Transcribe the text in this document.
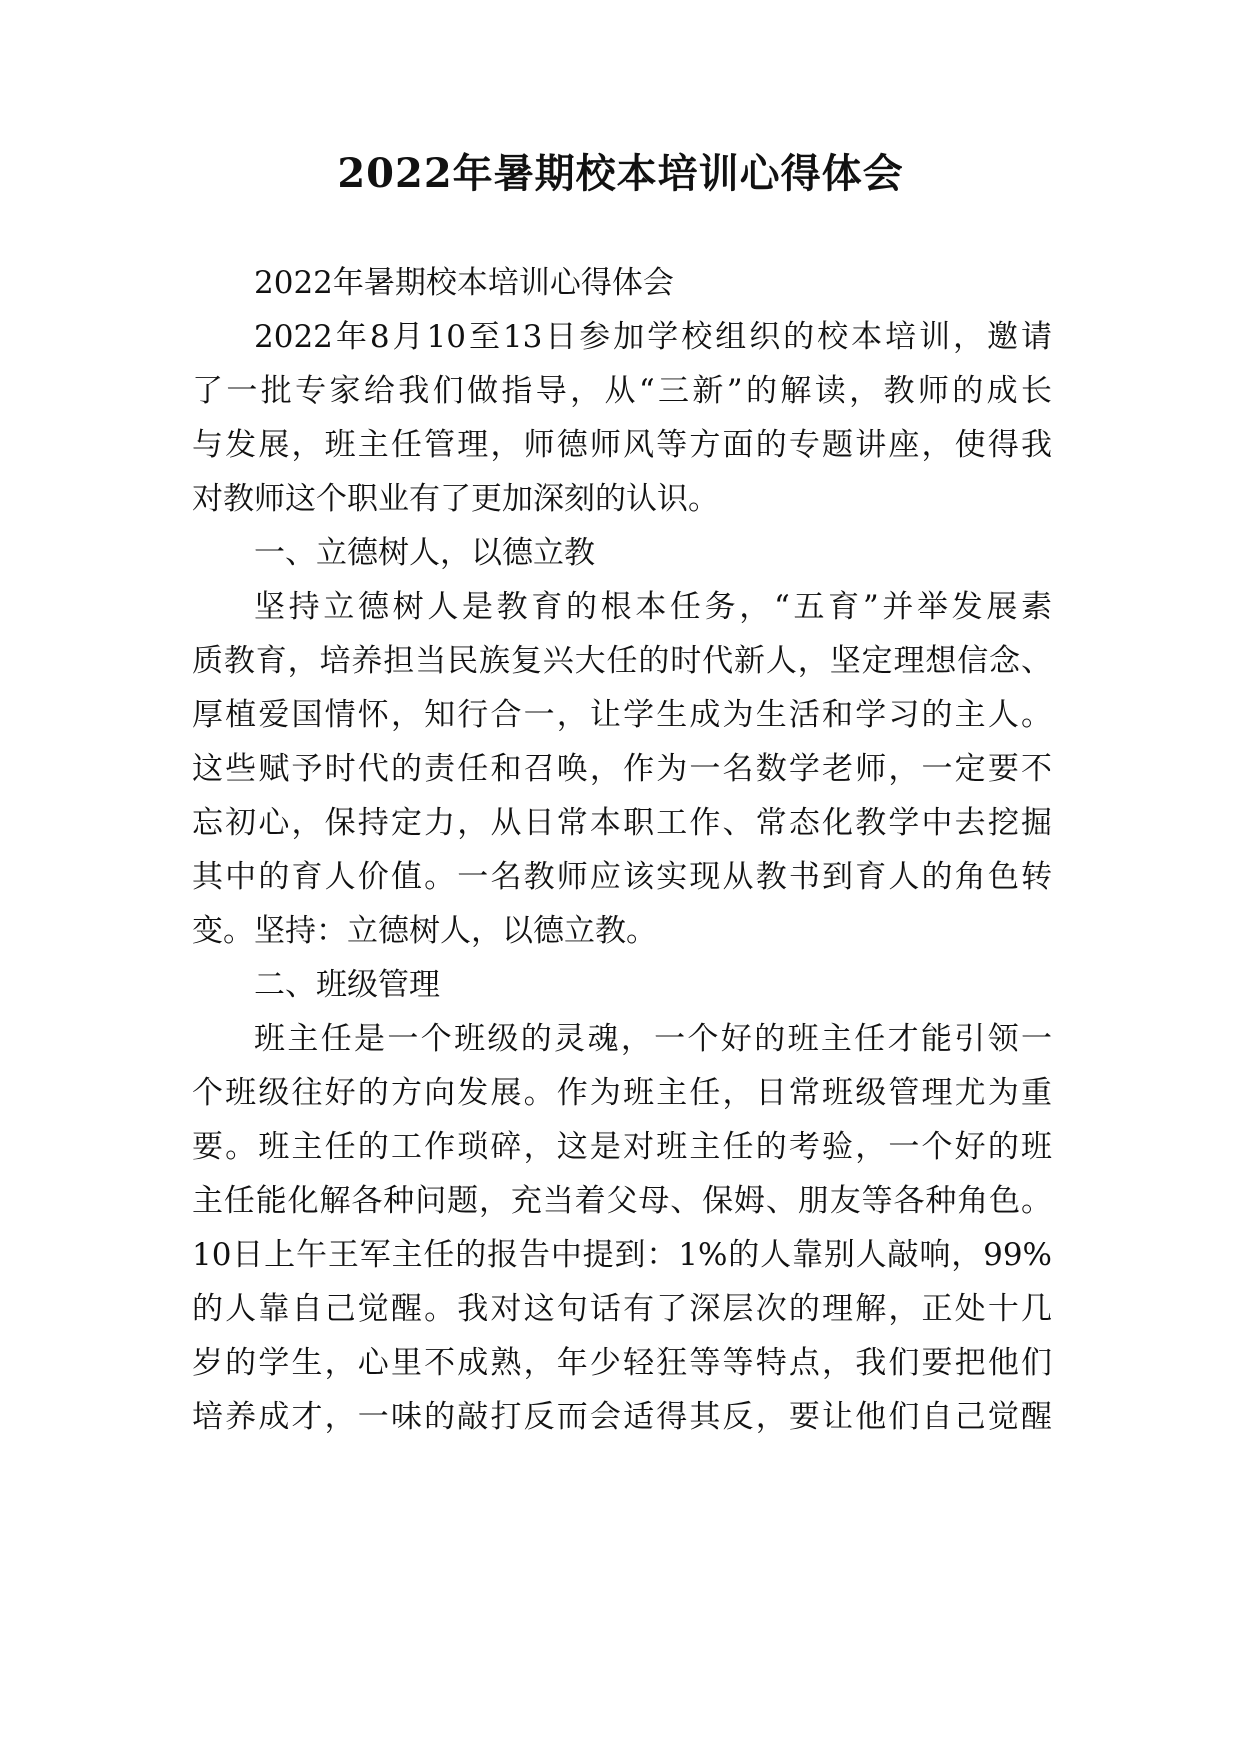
2022年暑期校本培训心得体会
2022年暑期校本培训心得体会
2022年8月10至13日参加学校组织的校本培训，邀请
了一批专家给我们做指导，从“三新”的解读，教师的成长
与发展，班主任管理，师德师风等方面的专题讲座，使得我
对教师这个职业有了更加深刻的认识。
一、立德树人，以德立教
坚持立德树人是教育的根本任务，“五育”并举发展素
质教育，培养担当民族复兴大任的时代新人，坚定理想信念、
厚植爱国情怀，知行合一，让学生成为生活和学习的主人。
这些赋予时代的责任和召唤，作为一名数学老师，一定要不
忘初心，保持定力，从日常本职工作、常态化教学中去挖掘
其中的育人价值。一名教师应该实现从教书到育人的角色转
变。坚持：立德树人，以德立教。
二、班级管理
班主任是一个班级的灵魂，一个好的班主任才能引领一
个班级往好的方向发展。作为班主任，日常班级管理尤为重
要。班主任的工作琐碎，这是对班主任的考验，一个好的班
主任能化解各种问题，充当着父母、保姆、朋友等各种角色。
10日上午王军主任的报告中提到：1%的人靠别人敲响，99%
的人靠自己觉醒。我对这句话有了深层次的理解，正处十几
岁的学生，心里不成熟，年少轻狂等等特点，我们要把他们
培养成才，一味的敲打反而会适得其反，要让他们自己觉醒
